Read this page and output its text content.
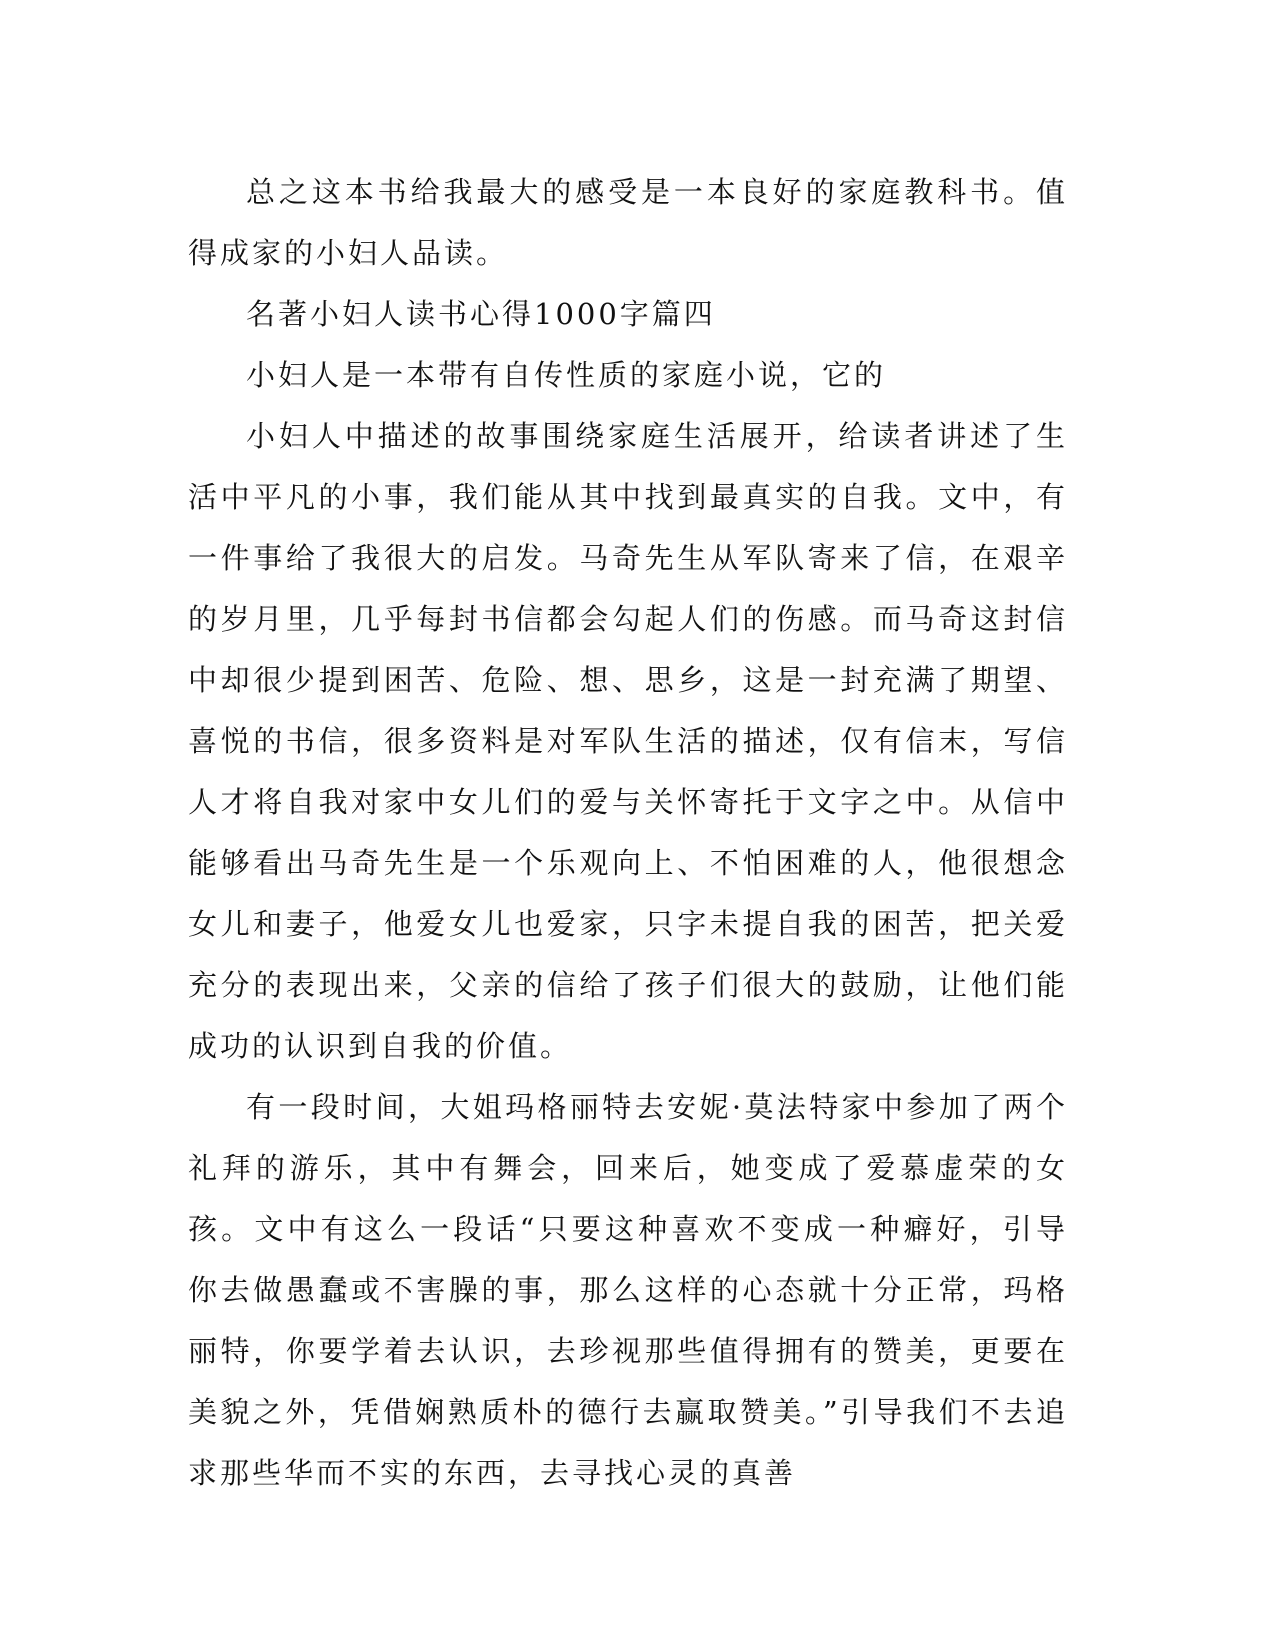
总之这本书给我最大的感受是一本良好的家庭教科书。值得成家的小妇人品读。

名著小妇人读书心得1000字篇四

小妇人是一本带有自传性质的家庭小说，它的

小妇人中描述的故事围绕家庭生活展开，给读者讲述了生活中平凡的小事，我们能从其中找到最真实的自我。文中，有一件事给了我很大的启发。马奇先生从军队寄来了信，在艰辛的岁月里，几乎每封书信都会勾起人们的伤感。而马奇这封信中却很少提到困苦、危险、想、思乡，这是一封充满了期望、喜悦的书信，很多资料是对军队生活的描述，仅有信末，写信人才将自我对家中女儿们的爱与关怀寄托于文字之中。从信中能够看出马奇先生是一个乐观向上、不怕困难的人，他很想念女儿和妻子，他爱女儿也爱家，只字未提自我的困苦，把关爱充分的表现出来，父亲的信给了孩子们很大的鼓励，让他们能成功的认识到自我的价值。

有一段时间，大姐玛格丽特去安妮·莫法特家中参加了两个礼拜的游乐，其中有舞会，回来后，她变成了爱慕虚荣的女孩。文中有这么一段话“只要这种喜欢不变成一种癖好，引导你去做愚蠢或不害臊的事，那么这样的心态就十分正常，玛格丽特，你要学着去认识，去珍视那些值得拥有的赞美，更要在美貌之外，凭借娴熟质朴的德行去赢取赞美。”引导我们不去追求那些华而不实的东西，去寻找心灵的真善
